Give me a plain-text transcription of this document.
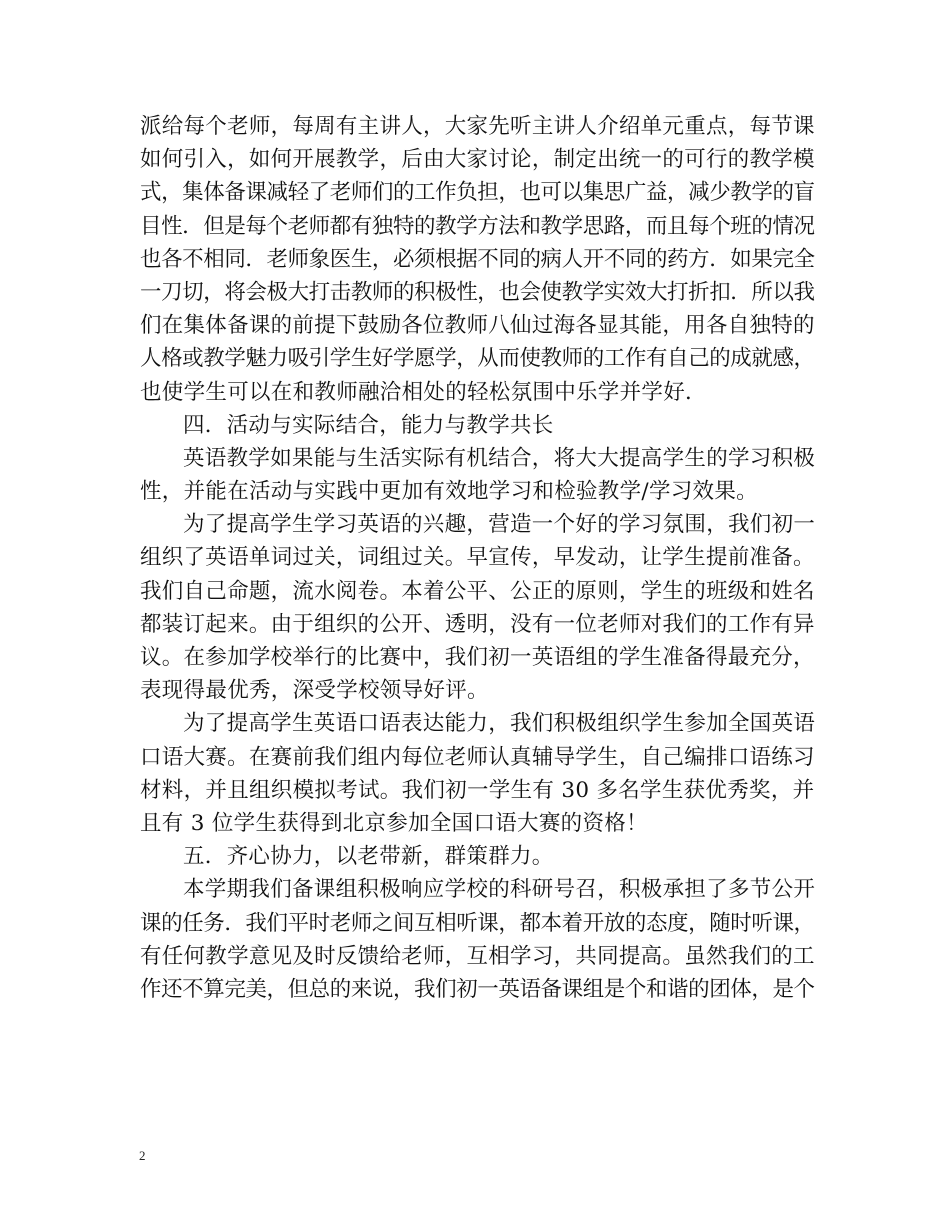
派给每个老师，每周有主讲人，大家先听主讲人介绍单元重点，每节课
如何引入，如何开展教学，后由大家讨论，制定出统一的可行的教学模
式，集体备课减轻了老师们的工作负担，也可以集思广益，减少教学的盲
目性．但是每个老师都有独特的教学方法和教学思路，而且每个班的情况
也各不相同．老师象医生，必须根据不同的病人开不同的药方．如果完全
一刀切，将会极大打击教师的积极性，也会使教学实效大打折扣．所以我
们在集体备课的前提下鼓励各位教师八仙过海各显其能，用各自独特的
人格或教学魅力吸引学生好学愿学，从而使教师的工作有自己的成就感，
也使学生可以在和教师融洽相处的轻松氛围中乐学并学好．
四．活动与实际结合，能力与教学共长
英语教学如果能与生活实际有机结合，将大大提高学生的学习积极
性，并能在活动与实践中更加有效地学习和检验教学/学习效果。
为了提高学生学习英语的兴趣，营造一个好的学习氛围，我们初一
组织了英语单词过关，词组过关。早宣传，早发动，让学生提前准备。
我们自己命题，流水阅卷。本着公平、公正的原则，学生的班级和姓名
都装订起来。由于组织的公开、透明，没有一位老师对我们的工作有异
议。在参加学校举行的比赛中，我们初一英语组的学生准备得最充分，
表现得最优秀，深受学校领导好评。
为了提高学生英语口语表达能力，我们积极组织学生参加全国英语
口语大赛。在赛前我们组内每位老师认真辅导学生，自己编排口语练习
材料，并且组织模拟考试。我们初一学生有 30 多名学生获优秀奖，并
且有 3 位学生获得到北京参加全国口语大赛的资格！
五．齐心协力，以老带新，群策群力。
本学期我们备课组积极响应学校的科研号召，积极承担了多节公开
课的任务．我们平时老师之间互相听课，都本着开放的态度，随时听课，
有任何教学意见及时反馈给老师，互相学习，共同提高。虽然我们的工
作还不算完美，但总的来说，我们初一英语备课组是个和谐的团体，是个
2
